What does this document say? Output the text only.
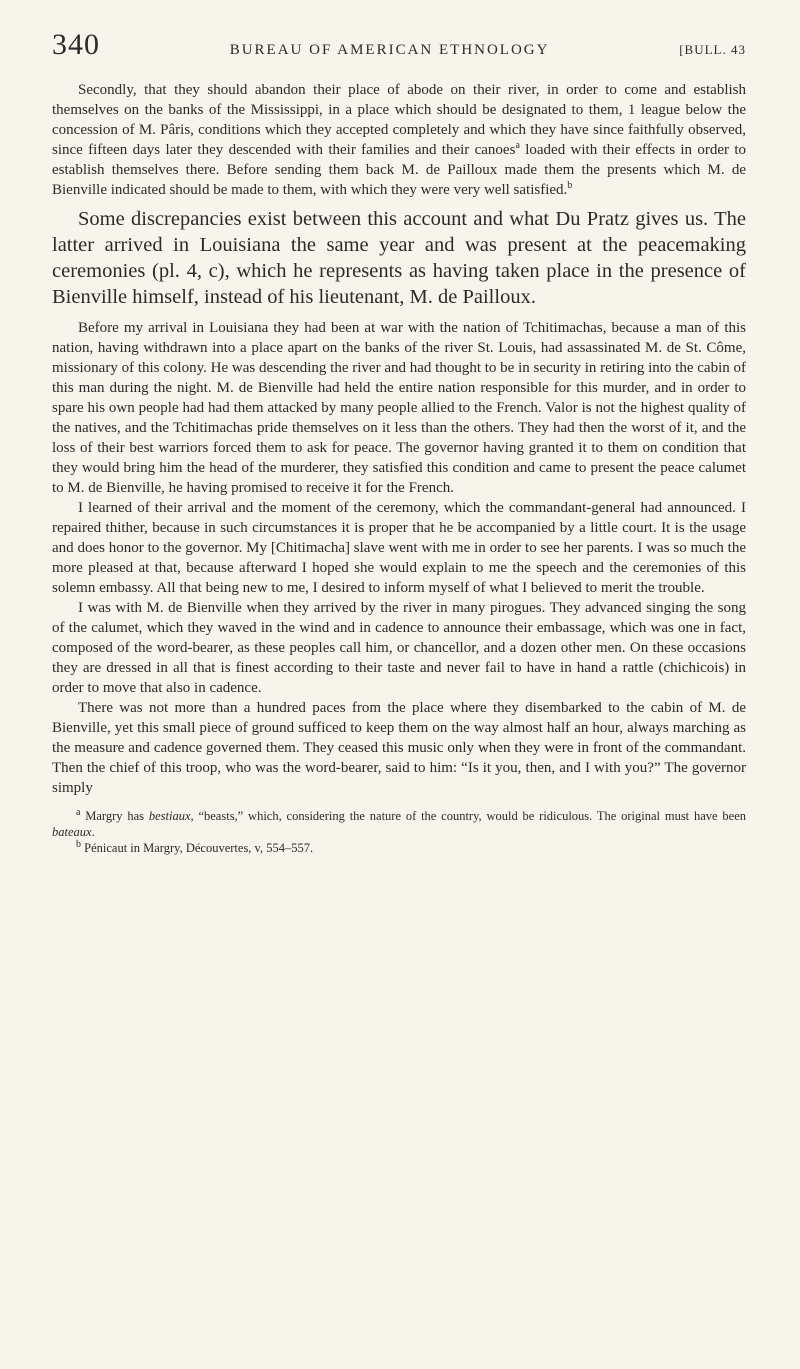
340	BUREAU OF AMERICAN ETHNOLOGY	[BULL. 43

Secondly, that they should abandon their place of abode on their river, in order to come and establish themselves on the banks of the Mississippi, in a place which should be designated to them, 1 league below the concession of M. Pâris, conditions which they accepted completely and which they have since faithfully observed, since fifteen days later they descended with their families and their canoes$^a$ loaded with their effects in order to establish themselves there. Before sending them back M. de Pailloux made them the presents which M. de Bienville indicated should be made to them, with which they were very well satisfied.$^b$

Some discrepancies exist between this account and what Du Pratz gives us. The latter arrived in Louisiana the same year and was present at the peacemaking ceremonies (pl. 4, c), which he represents as having taken place in the presence of Bienville himself, instead of his lieutenant, M. de Pailloux.

Before my arrival in Louisiana they had been at war with the nation of Tchitimachas, because a man of this nation, having withdrawn into a place apart on the banks of the river St. Louis, had assassinated M. de St. Côme, missionary of this colony. He was descending the river and had thought to be in security in retiring into the cabin of this man during the night. M. de Bienville had held the entire nation responsible for this murder, and in order to spare his own people had had them attacked by many people allied to the French. Valor is not the highest quality of the natives, and the Tchitimachas pride themselves on it less than the others. They had then the worst of it, and the loss of their best warriors forced them to ask for peace. The governor having granted it to them on condition that they would bring him the head of the murderer, they satisfied this condition and came to present the peace calumet to M. de Bienville, he having promised to receive it for the French.

I learned of their arrival and the moment of the ceremony, which the commandant-general had announced. I repaired thither, because in such circumstances it is proper that he be accompanied by a little court. It is the usage and does honor to the governor. My [Chitimacha] slave went with me in order to see her parents. I was so much the more pleased at that, because afterward I hoped she would explain to me the speech and the ceremonies of this solemn embassy. All that being new to me, I desired to inform myself of what I believed to merit the trouble.

I was with M. de Bienville when they arrived by the river in many pirogues. They advanced singing the song of the calumet, which they waved in the wind and in cadence to announce their embassage, which was one in fact, composed of the word-bearer, as these peoples call him, or chancellor, and a dozen other men. On these occasions they are dressed in all that is finest according to their taste and never fail to have in hand a rattle (chichicois) in order to move that also in cadence.

There was not more than a hundred paces from the place where they disembarked to the cabin of M. de Bienville, yet this small piece of ground sufficed to keep them on the way almost half an hour, always marching as the measure and cadence governed them. They ceased this music only when they were in front of the commandant. Then the chief of this troop, who was the word-bearer, said to him: “Is it you, then, and I with you?” The governor simply

$^a$ Margry has bestiaux, “beasts,” which, considering the nature of the country, would be ridiculous. The original must have been bateaux.

$^b$ Pénicaut in Margry, Découvertes, v, 554–557.
